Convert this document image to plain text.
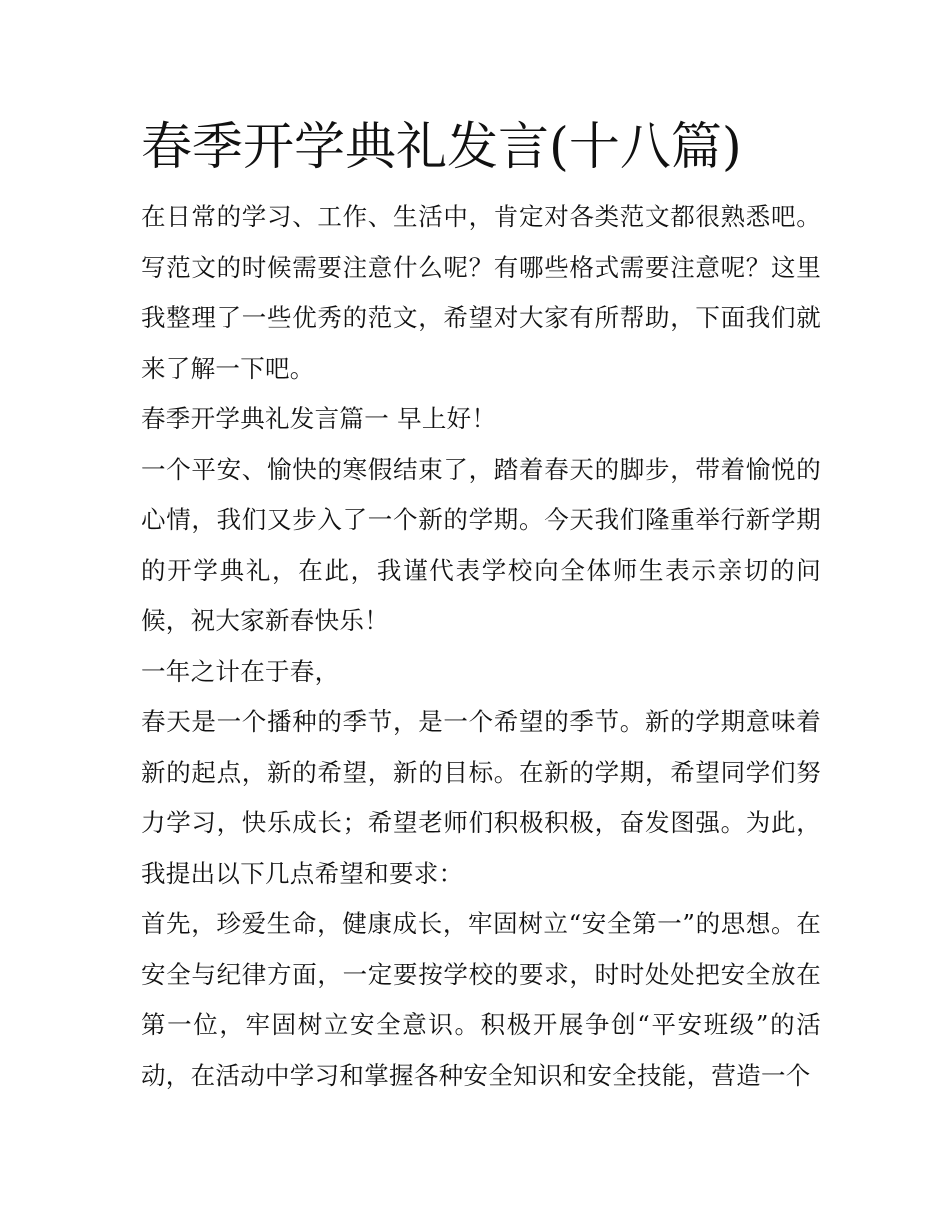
春季开学典礼发言(十八篇)

在日常的学习、工作、生活中，肯定对各类范文都很熟悉吧。写范文的时候需要注意什么呢？有哪些格式需要注意呢？这里我整理了一些优秀的范文，希望对大家有所帮助，下面我们就来了解一下吧。

春季开学典礼发言篇一 早上好！

一个平安、愉快的寒假结束了，踏着春天的脚步，带着愉悦的心情，我们又步入了一个新的学期。今天我们隆重举行新学期的开学典礼，在此，我谨代表学校向全体师生表示亲切的问候，祝大家新春快乐！

一年之计在于春，

春天是一个播种的季节，是一个希望的季节。新的学期意味着新的起点，新的希望，新的目标。在新的学期，希望同学们努力学习，快乐成长；希望老师们积极积极，奋发图强。为此，我提出以下几点希望和要求：

首先，珍爱生命，健康成长，牢固树立“安全第一”的思想。在安全与纪律方面，一定要按学校的要求，时时处处把安全放在第一位，牢固树立安全意识。积极开展争创“平安班级”的活动，在活动中学习和掌握各种安全知识和安全技能，营造一个
